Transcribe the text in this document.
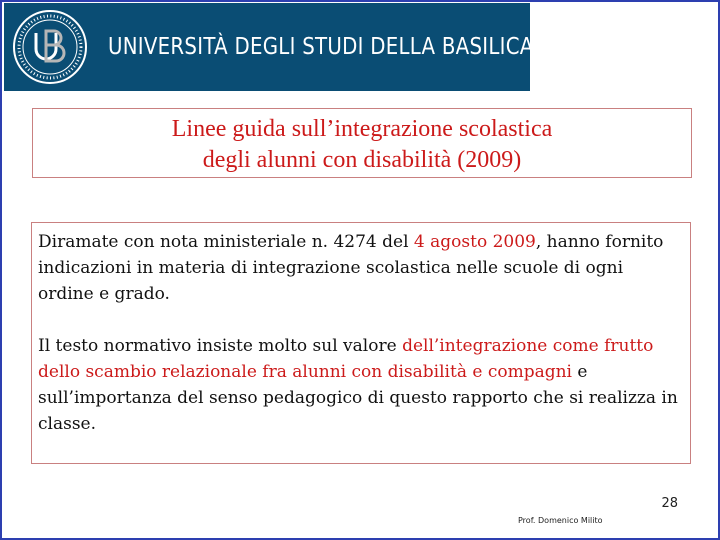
UNIVERSITÀ DEGLI STUDI DELLA BASILICATA
Linee guida sull’integrazione scolastica
degli alunni con disabilità (2009)

Diramate con nota ministeriale n. 4274 del 4 agosto 2009, hanno fornito indicazioni in materia di integrazione scolastica nelle scuole di ogni ordine e grado.

Il testo normativo insiste molto sul valore dell’integrazione come frutto dello scambio relazionale fra alunni con disabilità e compagni e sull’importanza del senso pedagogico di questo rapporto che si realizza in classe.

28
Prof. Domenico Milito
